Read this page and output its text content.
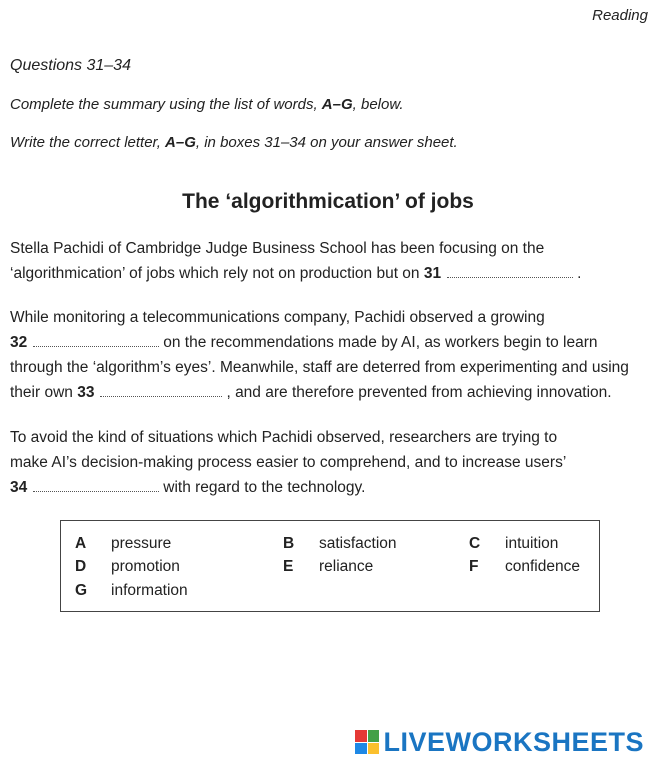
Reading
Questions 31–34
Complete the summary using the list of words, A–G, below.
Write the correct letter, A–G, in boxes 31–34 on your answer sheet.
The ‘algorithmication’ of jobs
Stella Pachidi of Cambridge Judge Business School has been focusing on the
‘algorithmication’ of jobs which rely not on production but on 31	.
While monitoring a telecommunications company, Pachidi observed a growing
32	on the recommendations made by AI, as workers begin to learn
through the ‘algorithm’s eyes’. Meanwhile, staff are deterred from experimenting and using
their own 33	, and are therefore prevented from achieving innovation.
To avoid the kind of situations which Pachidi observed, researchers are trying to
make AI’s decision-making process easier to comprehend, and to increase users’
34	with regard to the technology.
A pressure	B satisfaction	C intuition
D promotion	E reliance	F confidence
G information
LIVEWORKSHEETS
